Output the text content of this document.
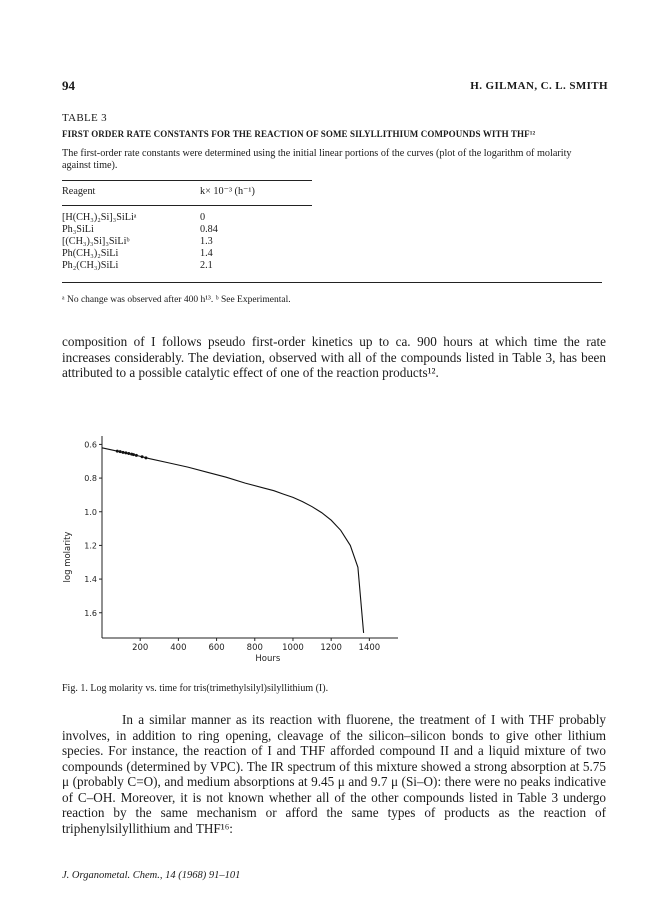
94	H. GILMAN, C. L. SMITH
TABLE 3
FIRST ORDER RATE CONSTANTS FOR THE REACTION OF SOME SILYLLITHIUM COMPOUNDS WITH THF¹²
The first-order rate constants were determined using the initial linear portions of the curves (plot of the logarithm of molarity against time).
Reagent	k× 10⁻³ (h⁻¹)
[H(CH₃)₂Si]₃SiLiᵃ	0
Ph₃SiLi	0.84
[(CH₃)₃Si]₃SiLiᵇ	1.3
Ph(CH₃)₂SiLi	1.4
Ph₂(CH₃)SiLi	2.1
ᵃ No change was observed after 400 h¹³. ᵇ See Experimental.
composition of I follows pseudo first-order kinetics up to ca. 900 hours at which time the rate increases considerably. The deviation, observed with all of the compounds listed in Table 3, has been attributed to a possible catalytic effect of one of the reaction products¹².
0.6
0.8
1.0
1.2
1.4
1.6
200	400	600	800 1000 1200 1400
Hours
log molarity
Fig. 1. Log molarity vs. time for tris(trimethylsilyl)silyllithium (I).
In a similar manner as its reaction with fluorene, the treatment of I with THF probably involves, in addition to ring opening, cleavage of the silicon–silicon bonds to give other lithium species. For instance, the reaction of I and THF afforded compound II and a liquid mixture of two compounds (determined by VPC). The IR spectrum of this mixture showed a strong absorption at 5.75 μ (probably C=O), and medium absorptions at 9.45 μ and 9.7 μ (Si–O): there were no peaks indicative of C–OH. Moreover, it is not known whether all of the other compounds listed in Table 3 undergo reaction by the same mechanism or afford the same types of products as the reaction of triphenylsilyllithium and THF¹⁶:
J. Organometal. Chem., 14 (1968) 91–101
